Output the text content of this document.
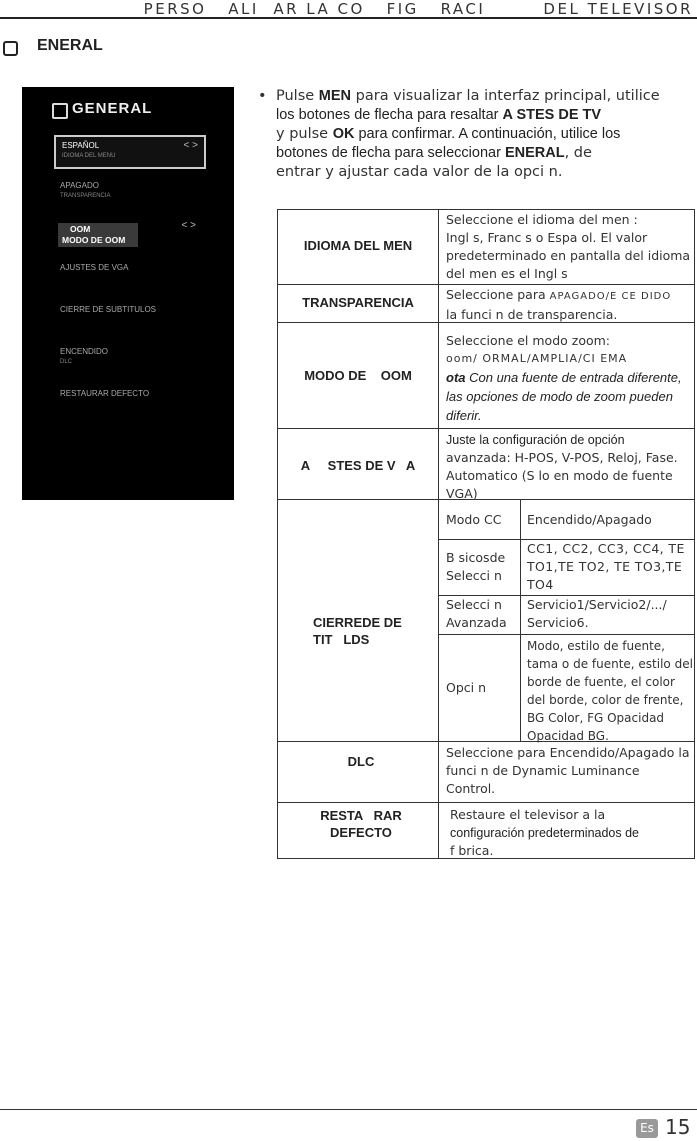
PERSO   ALI  AR LA CO   FIG   RACI        DEL TELEVISOR
ENERAL
GENERAL
ESPAÑOL
IDIOMA DEL MENU
< >
APAGADO
TRANSPARENCIA
< >
AJUSTES DE VGA
CIERRE DE SUBTITULOS
ENCENDIDO
DLC
RESTAURAR DEFECTO
OOM
MODO DE OOM
• Pulse MEN para visualizar la interfaz principal, utilice
los botones de flecha para resaltar A STES DE TV
y pulse OK para confirmar. A continuación, utilice los
botones de flecha para seleccionar ENERAL, de
entrar y ajustar cada valor de la opci n.
IDIOMA DEL MEN
Seleccione el idioma del men :
Ingl s, Franc s o Espa ol. El valor
predeterminado en pantalla del idioma
del men es el Ingl s
TRANSPARENCIA
Seleccione para APAGADO/E CE DIDO
la funci n de transparencia.
MODO DE    OOM
Seleccione el modo zoom:
oom/ ORMAL/AMPLIA/CI EMA
ota Con una fuente de entrada diferente, las opciones de modo de zoom pueden diferir.
A     STES DE V   A
Juste la configuración de opción
avanzada: H-POS, V-POS, Reloj, Fase. Automatico (S lo en modo de fuente VGA)
CIERREDE DE
TIT   LDS
Modo CC	Encendido/Apagado
B sicosde Selecci n
CC1, CC2, CC3, CC4, TE TO1,TE TO2, TE TO3,TE TO4
Selecci n Avanzada
Servicio1/Servicio2/.../ Servicio6.
Opci n
Modo, estilo de fuente, tama o de fuente, estilo del borde de fuente, el color del borde, color de frente, BG Color, FG Opacidad Opacidad BG.
DLC
Seleccione para Encendido/Apagado la funci n de Dynamic Luminance Control.
RESTA   RAR
DEFECTO
Restaure el televisor a la
configuración predeterminados de
f brica.
Es 15
